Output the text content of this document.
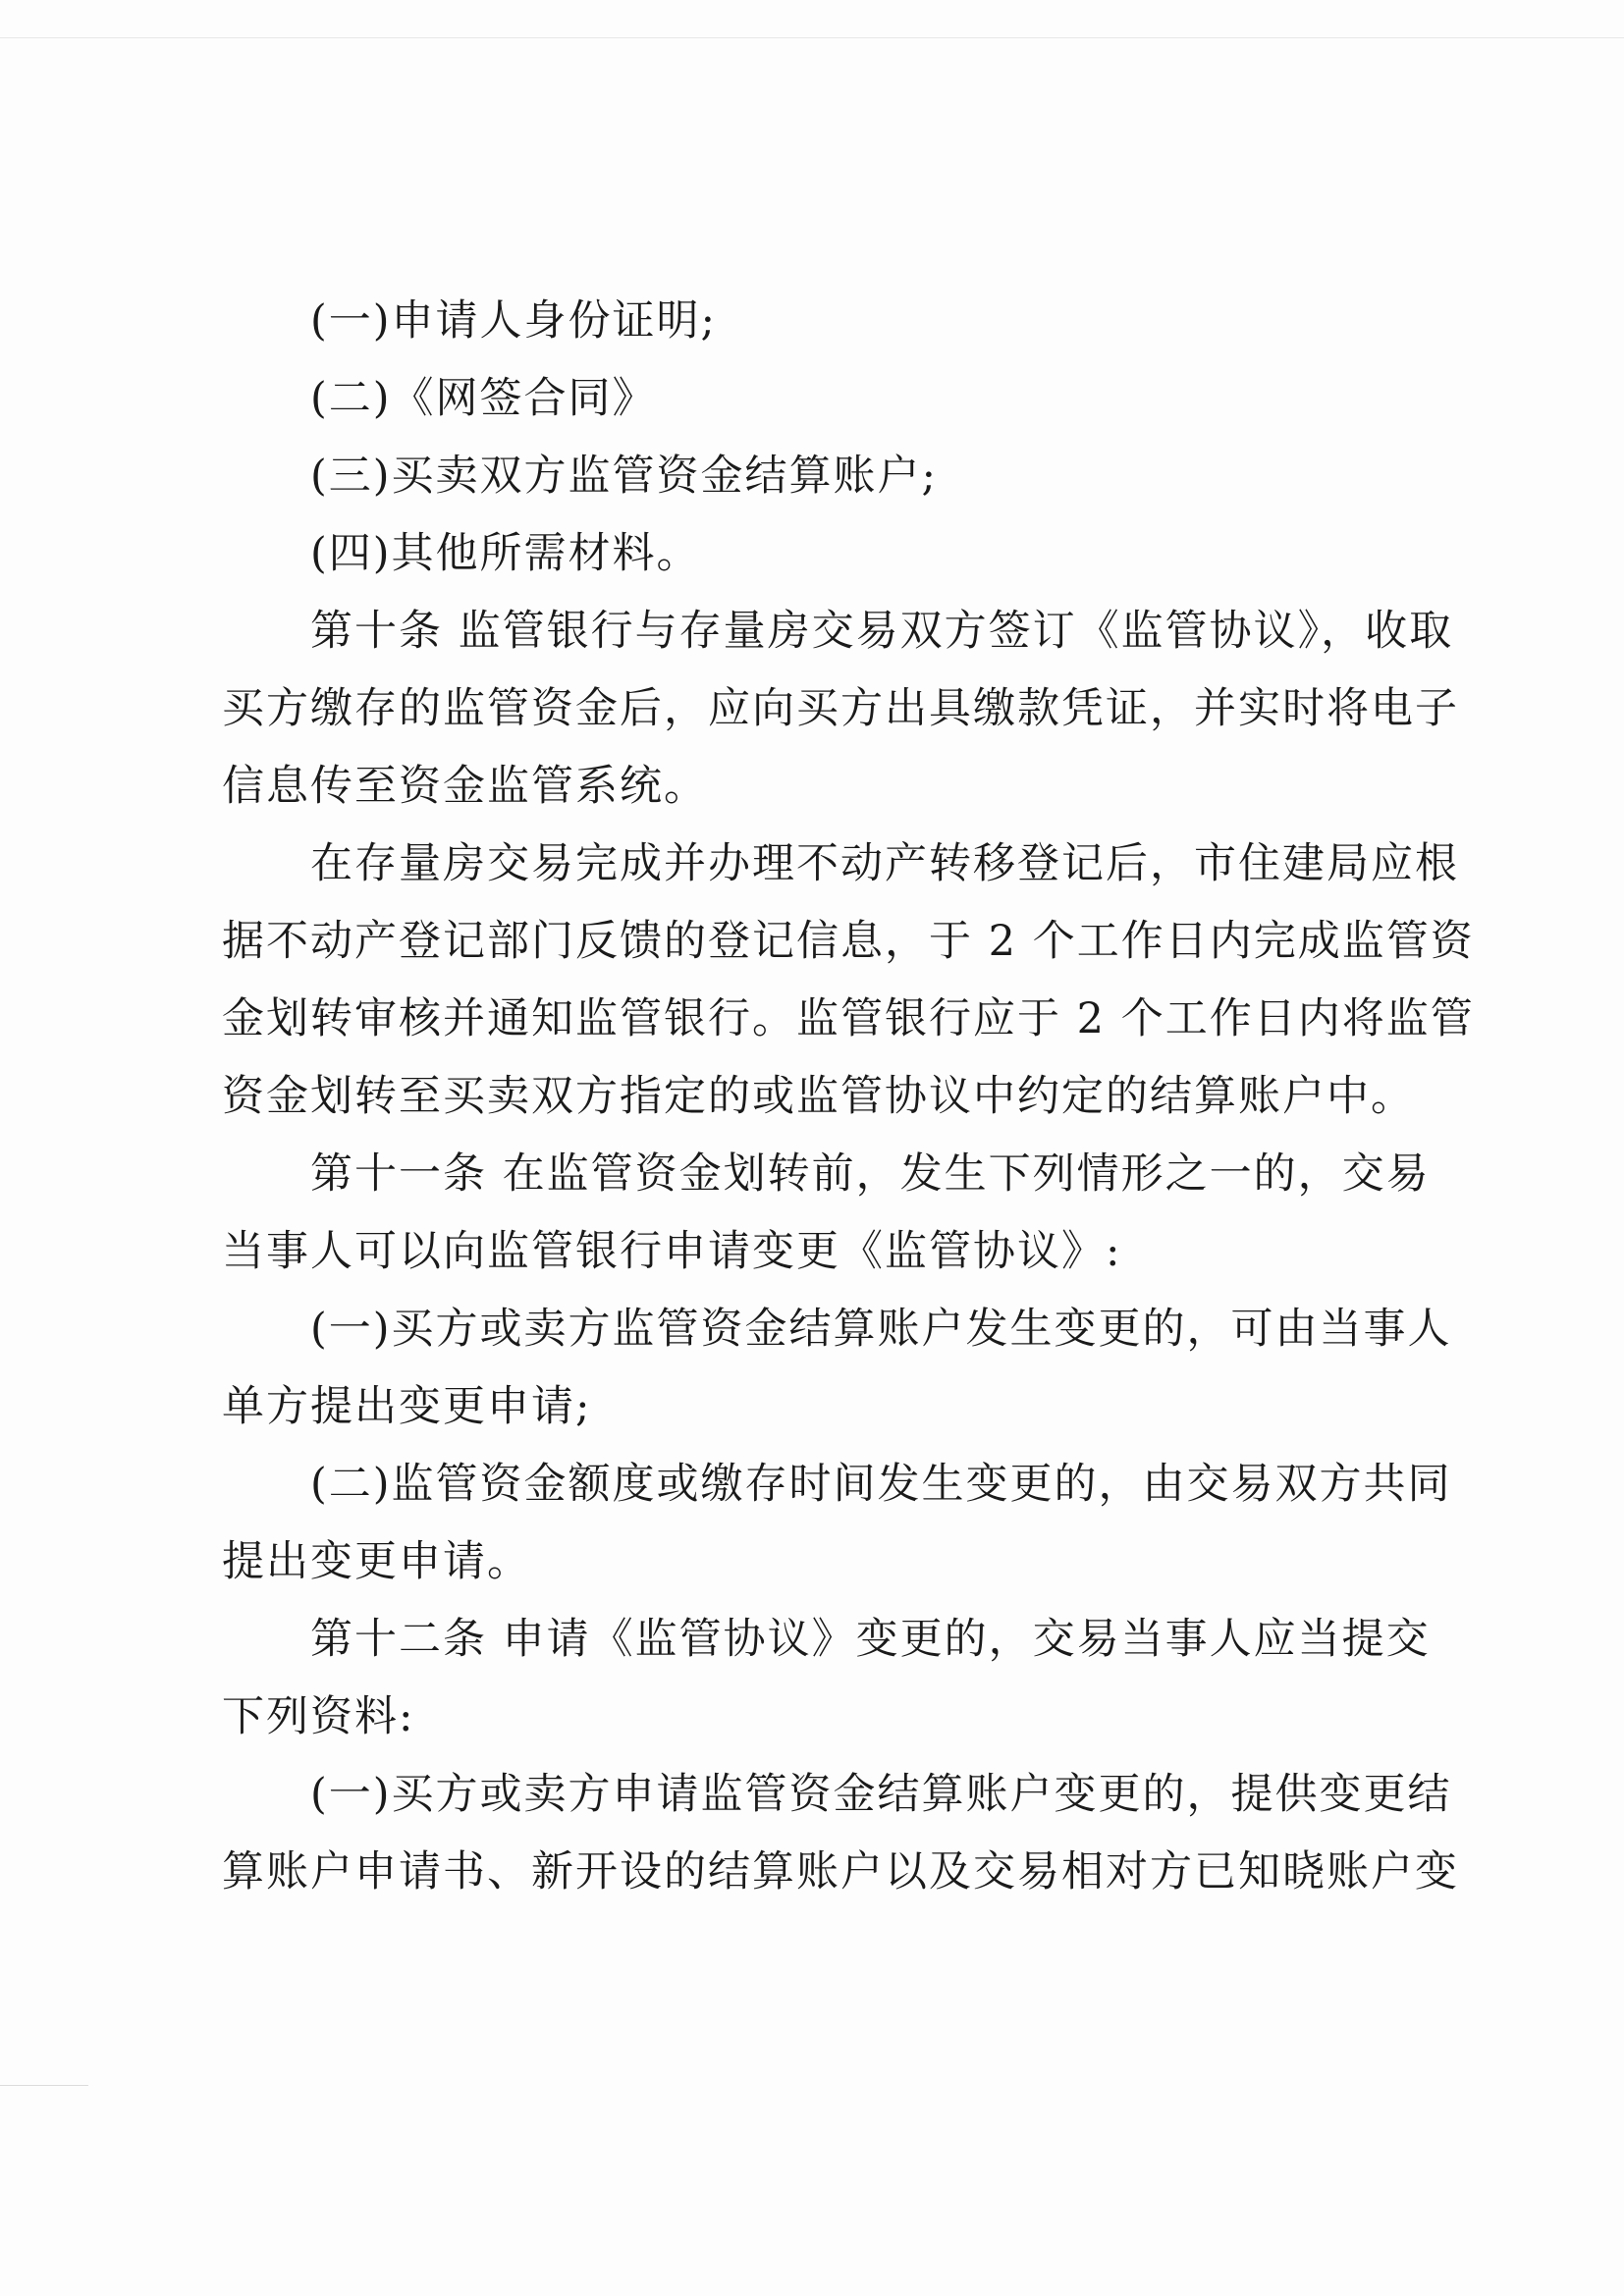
(一)申请人身份证明;
(二)《网签合同》
(三)买卖双方监管资金结算账户;
(四)其他所需材料。
第十条 监管银行与存量房交易双方签订《监管协议》，收取
买方缴存的监管资金后，应向买方出具缴款凭证，并实时将电子
信息传至资金监管系统。
在存量房交易完成并办理不动产转移登记后，市住建局应根
据不动产登记部门反馈的登记信息，于 2 个工作日内完成监管资
金划转审核并通知监管银行。监管银行应于 2 个工作日内将监管
资金划转至买卖双方指定的或监管协议中约定的结算账户中。
第十一条 在监管资金划转前，发生下列情形之一的，交易
当事人可以向监管银行申请变更《监管协议》:
(一)买方或卖方监管资金结算账户发生变更的，可由当事人
单方提出变更申请;
(二)监管资金额度或缴存时间发生变更的，由交易双方共同
提出变更申请。
第十二条 申请《监管协议》变更的，交易当事人应当提交
下列资料:
(一)买方或卖方申请监管资金结算账户变更的，提供变更结
算账户申请书、新开设的结算账户以及交易相对方已知晓账户变
